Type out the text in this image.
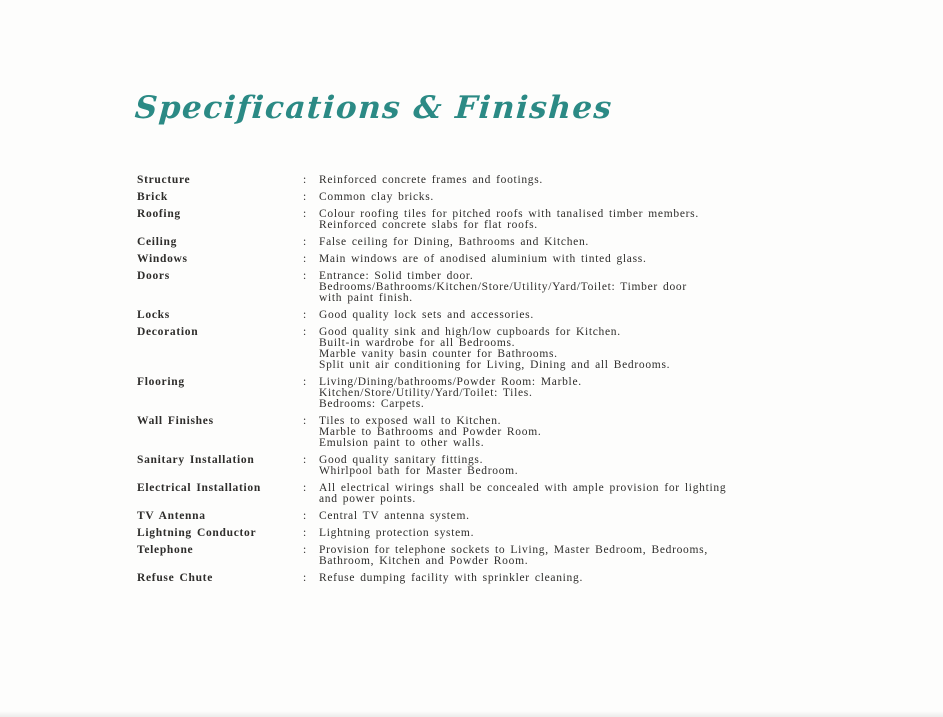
Specifications & Finishes
Structure	:	Reinforced concrete frames and footings.
Brick	:	Common clay bricks.
Roofing	:	Colour roofing tiles for pitched roofs with tanalised timber members.
Reinforced concrete slabs for flat roofs.
Ceiling	:	False ceiling for Dining, Bathrooms and Kitchen.
Windows	:	Main windows are of anodised aluminium with tinted glass.
Doors	:	Entrance: Solid timber door.
Bedrooms/Bathrooms/Kitchen/Store/Utility/Yard/Toilet: Timber door
with paint finish.
Locks	:	Good quality lock sets and accessories.
Decoration	:	Good quality sink and high/low cupboards for Kitchen.
Built-in wardrobe for all Bedrooms.
Marble vanity basin counter for Bathrooms.
Split unit air conditioning for Living, Dining and all Bedrooms.
Flooring	:	Living/Dining/bathrooms/Powder Room: Marble.
Kitchen/Store/Utility/Yard/Toilet: Tiles.
Bedrooms: Carpets.
Wall Finishes	:	Tiles to exposed wall to Kitchen.
Marble to Bathrooms and Powder Room.
Emulsion paint to other walls.
Sanitary Installation	:	Good quality sanitary fittings.
Whirlpool bath for Master Bedroom.
Electrical Installation	:	All electrical wirings shall be concealed with ample provision for lighting
and power points.
TV Antenna	:	Central TV antenna system.
Lightning Conductor	:	Lightning protection system.
Telephone	:	Provision for telephone sockets to Living, Master Bedroom, Bedrooms,
Bathroom, Kitchen and Powder Room.
Refuse Chute	:	Refuse dumping facility with sprinkler cleaning.
